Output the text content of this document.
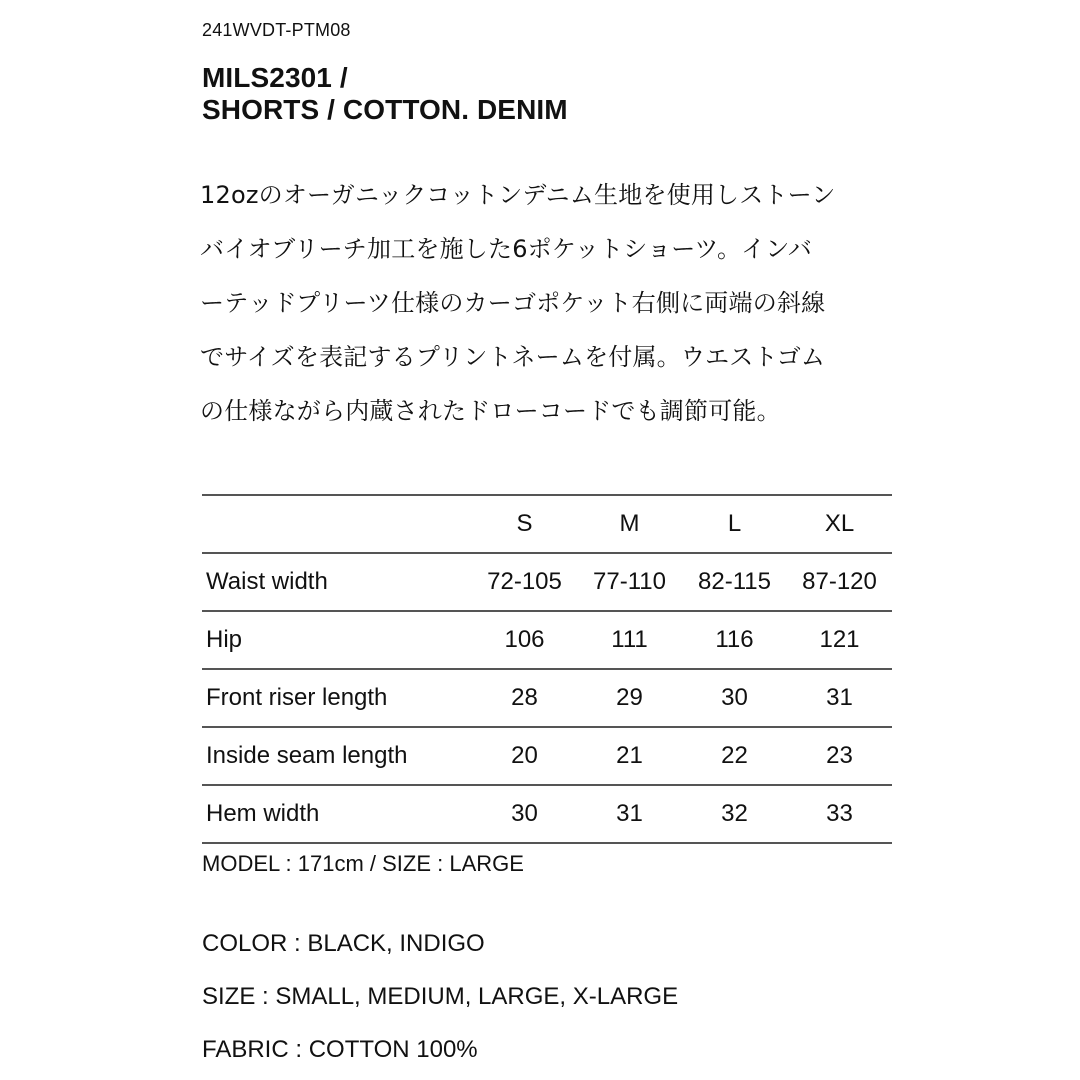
241WVDT-PTM08
MILS2301 /
SHORTS / COTTON. DENIM
12ozのオーガニックコットンデニム生地を使用しストーン
バイオブリーチ加工を施した6ポケットショーツ。インバ
ーテッドプリーツ仕様のカーゴポケット右側に両端の斜線
でサイズを表記するプリントネームを付属。ウエストゴム
の仕様ながら内蔵されたドローコードでも調節可能。
	S	M	L	XL
Waist width	72-105	77-110	82-115	87-120
Hip	106	111	116	121
Front riser length	28	29	30	31
Inside seam length	20	21	22	23
Hem width	30	31	32	33
MODEL : 171cm / SIZE : LARGE
COLOR : BLACK, INDIGO
SIZE : SMALL, MEDIUM, LARGE, X-LARGE
FABRIC : COTTON 100%
